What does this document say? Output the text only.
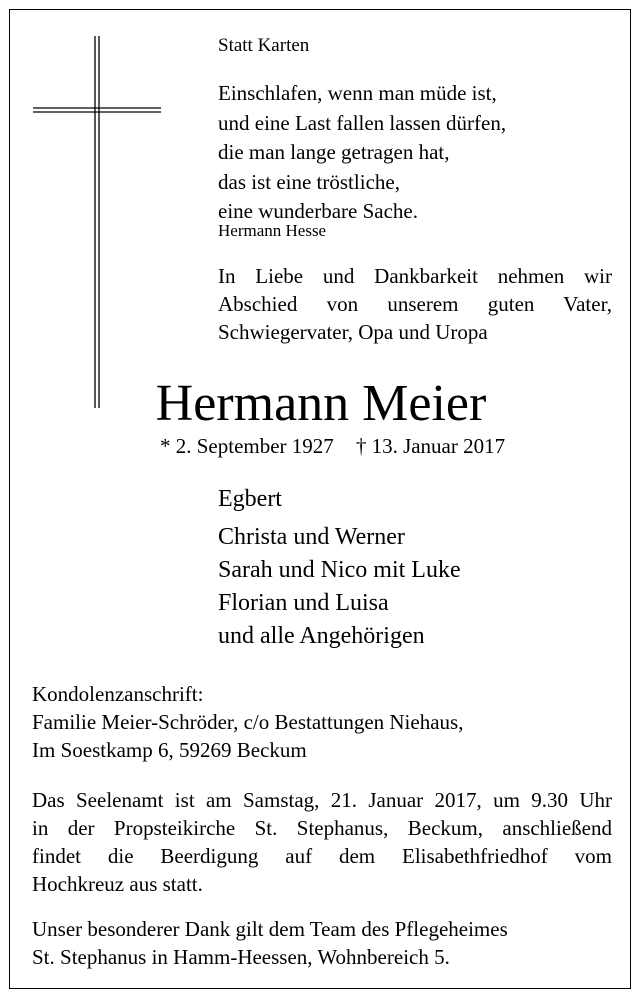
Statt Karten
Einschlafen, wenn man müde ist,
und eine Last fallen lassen dürfen,
die man lange getragen hat,
das ist eine tröstliche,
eine wunderbare Sache.
Hermann Hesse
In Liebe und Dankbarkeit nehmen wir
Abschied von unserem guten Vater,
Schwiegervater, Opa und Uropa
Hermann Meier
* 2. September 1927 † 13. Januar 2017
Egbert
Christa und Werner
Sarah und Nico mit Luke
Florian und Luisa
und alle Angehörigen
Kondolenzanschrift:
Familie Meier-Schröder, c/o Bestattungen Niehaus,
Im Soestkamp 6, 59269 Beckum
Das Seelenamt ist am Samstag, 21. Januar 2017, um 9.30 Uhr
in der Propsteikirche St. Stephanus, Beckum, anschließend
findet die Beerdigung auf dem Elisabethfriedhof vom
Hochkreuz aus statt.
Unser besonderer Dank gilt dem Team des Pflegeheimes
St. Stephanus in Hamm-Heessen, Wohnbereich 5.
